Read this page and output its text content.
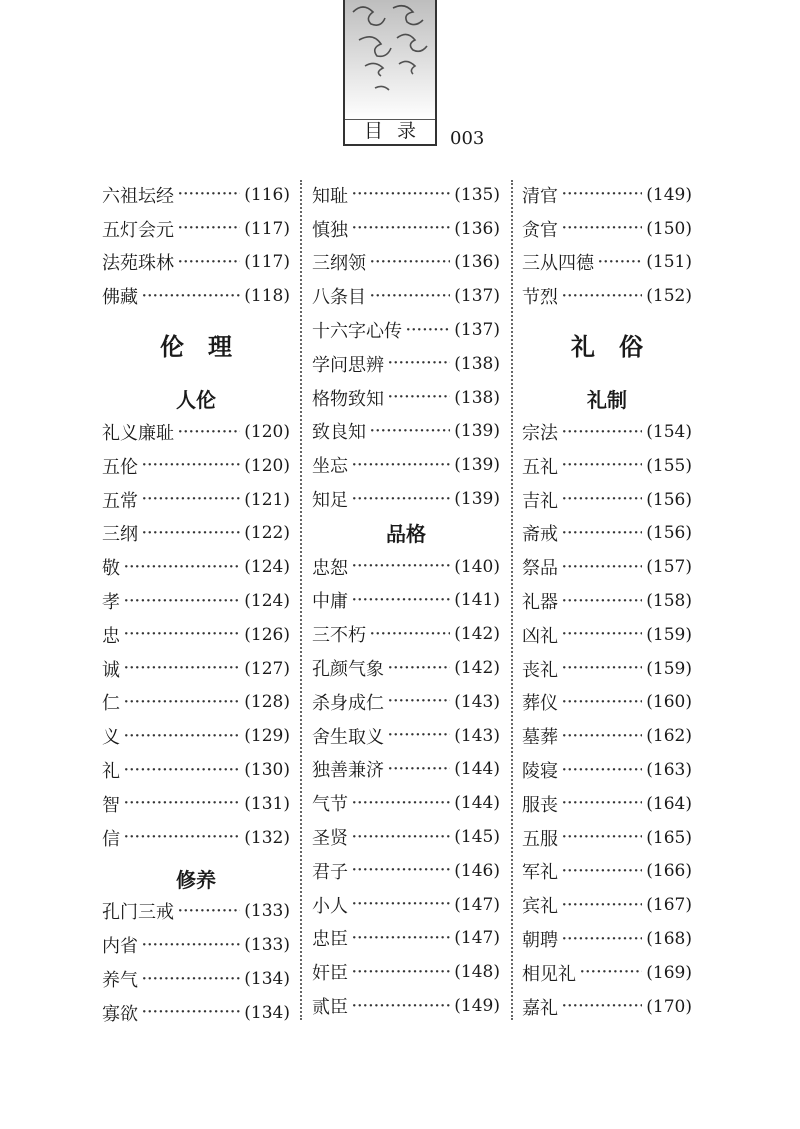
目录 003
六祖坛经 ·····	(116)
五灯会元 ·····	(117)
法苑珠林 ·····	(117)
佛藏 ·····	(118)
伦理
人伦
礼义廉耻 ·····	(120)
五伦 ·····	(120)
五常 ·····	(121)
三纲 ·····	(122)
敬 ·····	(124)
孝 ·····	(124)
忠 ·····	(126)
诚 ·····	(127)
仁 ·····	(128)
义 ·····	(129)
礼 ·····	(130)
智 ·····	(131)
信 ·····	(132)
修养
孔门三戒 ·····	(133)
内省 ·····	(133)
养气 ·····	(134)
寡欲 ·····	(134)
知耻 ·····	(135)
慎独 ·····	(136)
三纲领 ·····	(136)
八条目 ·····	(137)
十六字心传 ·····	(137)
学问思辨 ·····	(138)
格物致知 ·····	(138)
致良知 ·····	(139)
坐忘 ·····	(139)
知足 ·····	(139)
品格
忠恕 ·····	(140)
中庸 ·····	(141)
三不朽 ·····	(142)
孔颜气象 ·····	(142)
杀身成仁 ·····	(143)
舍生取义 ·····	(143)
独善兼济 ·····	(144)
气节 ·····	(144)
圣贤 ·····	(145)
君子 ·····	(146)
小人 ·····	(147)
忠臣 ·····	(147)
奸臣 ·····	(148)
贰臣 ·····	(149)
清官 ·····	(149)
贪官 ·····	(150)
三从四德 ·····	(151)
节烈 ·····	(152)
礼俗
礼制
宗法 ·····	(154)
五礼 ·····	(155)
吉礼 ·····	(156)
斋戒 ·····	(156)
祭品 ·····	(157)
礼器 ·····	(158)
凶礼 ·····	(159)
丧礼 ·····	(159)
葬仪 ·····	(160)
墓葬 ·····	(162)
陵寝 ·····	(163)
服丧 ·····	(164)
五服 ·····	(165)
军礼 ·····	(166)
宾礼 ·····	(167)
朝聘 ·····	(168)
相见礼 ·····	(169)
嘉礼 ·····	(170)
